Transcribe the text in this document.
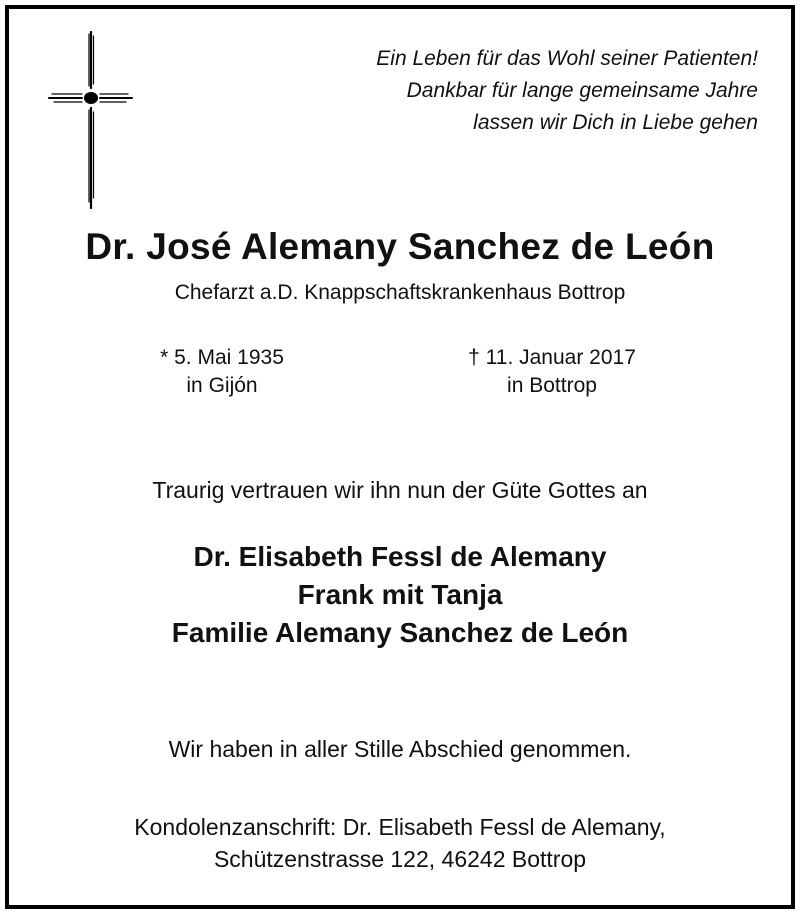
Ein Leben für das Wohl seiner Patienten!
Dankbar für lange gemeinsame Jahre
lassen wir Dich in Liebe gehen
Dr. José Alemany Sanchez de León
Chefarzt a.D. Knappschaftskrankenhaus Bottrop
* 5. Mai 1935
in Gijón
† 11. Januar 2017
in Bottrop
Traurig vertrauen wir ihn nun der Güte Gottes an
Dr. Elisabeth Fessl de Alemany
Frank mit Tanja
Familie Alemany Sanchez de León
Wir haben in aller Stille Abschied genommen.
Kondolenzanschrift: Dr. Elisabeth Fessl de Alemany,
Schützenstrasse 122, 46242 Bottrop
